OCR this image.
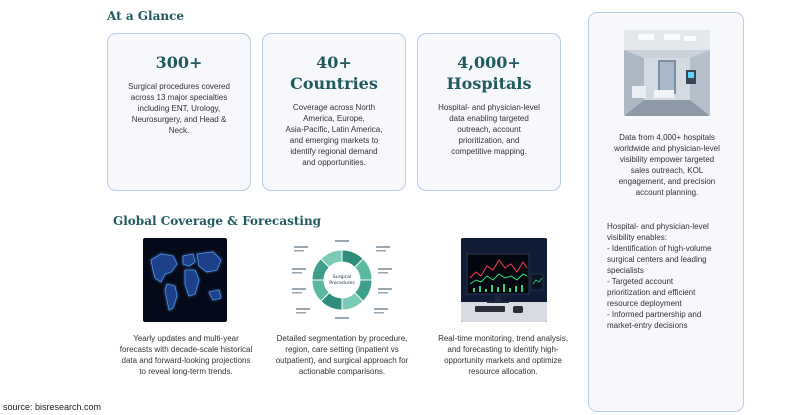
At a Glance
300+
Surgical procedures covered
across 13 major specialties
including ENT, Urology,
Neurosurgery, and Head &
Neck.
40+
Countries
Coverage across North
America, Europe,
Asia-Pacific, Latin America,
and emerging markets to
identify regional demand
and opportunities.
4,000+
Hospitals
Hospital- and physician-level
data enabling targeted
outreach, account
prioritization, and
competitive mapping.
Global Coverage & Forecasting
Surgical
Procedures
Yearly updates and multi-year
forecasts with decade-scale historical
data and forward-looking projections
to reveal long-term trends.
Detailed segmentation by procedure,
region, care setting (inpatient vs
outpatient), and surgical approach for
actionable comparisons.
Real-time monitoring, trend analysis,
and forecasting to identify high-
opportunity markets and optimize
resource allocation.
Data from 4,000+ hospitals
worldwide and physician-level
visibility empower targeted
sales outreach, KOL
engagement, and precision
account planning.
Hospital- and physician-level
visibility enables:
- Identification of high-volume
surgical centers and leading
specialists
- Targeted account
prioritization and efficient
resource deployment
- Informed partnership and
market-entry decisions
source: bisresearch.com
